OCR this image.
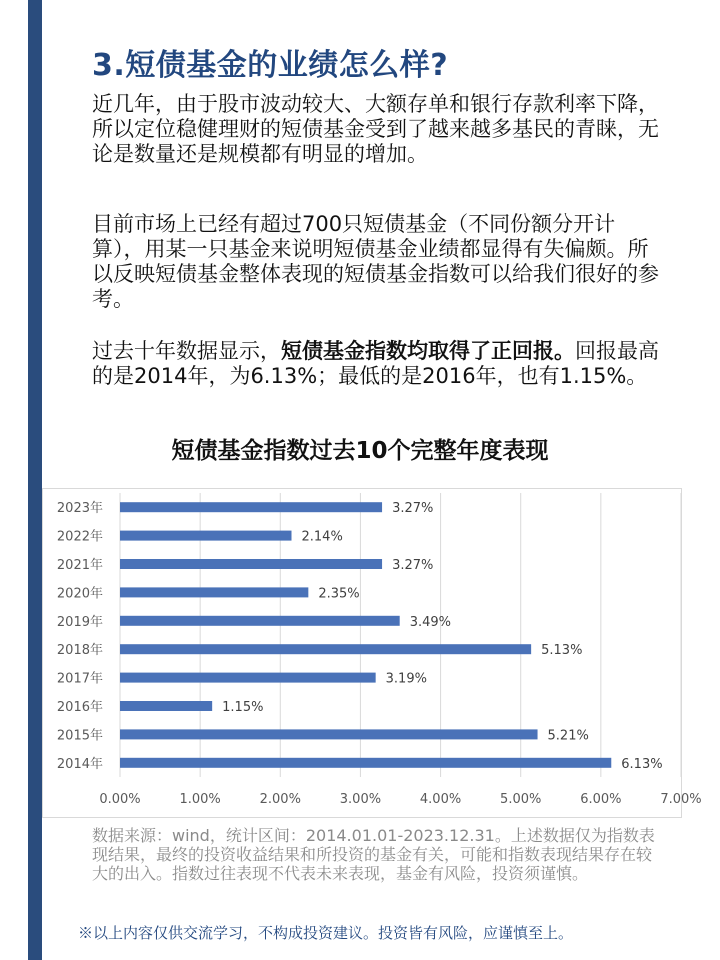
3.短债基金的业绩怎么样?
近几年，由于股市波动较大、大额存单和银行存款利率下降，所以定位稳健理财的短债基金受到了越来越多基民的青睐，无论是数量还是规模都有明显的增加。
目前市场上已经有超过700只短债基金（不同份额分开计算），用某一只基金来说明短债基金业绩都显得有失偏颇。所以反映短债基金整体表现的短债基金指数可以给我们很好的参考。
过去十年数据显示，短债基金指数均取得了正回报。回报最高的是2014年，为6.13%；最低的是2016年，也有1.15%。
短债基金指数过去10个完整年度表现
0.00%	1.00%	2.00%	3.00%	4.00%	5.00%	6.00%	7.00%
2023年	3.27%
2022年	2.14%
2021年	3.27%
2020年	2.35%
2019年	3.49%
2018年	5.13%
2017年	3.19%
2016年	1.15%
2015年	5.21%
2014年	6.13%
数据来源：wind，统计区间：2014.01.01-2023.12.31。上述数据仅为指数表现结果，最终的投资收益结果和所投资的基金有关，可能和指数表现结果存在较大的出入。指数过往表现不代表未来表现，基金有风险，投资须谨慎。
※以上内容仅供交流学习，不构成投资建议。投资皆有风险，应谨慎至上。
